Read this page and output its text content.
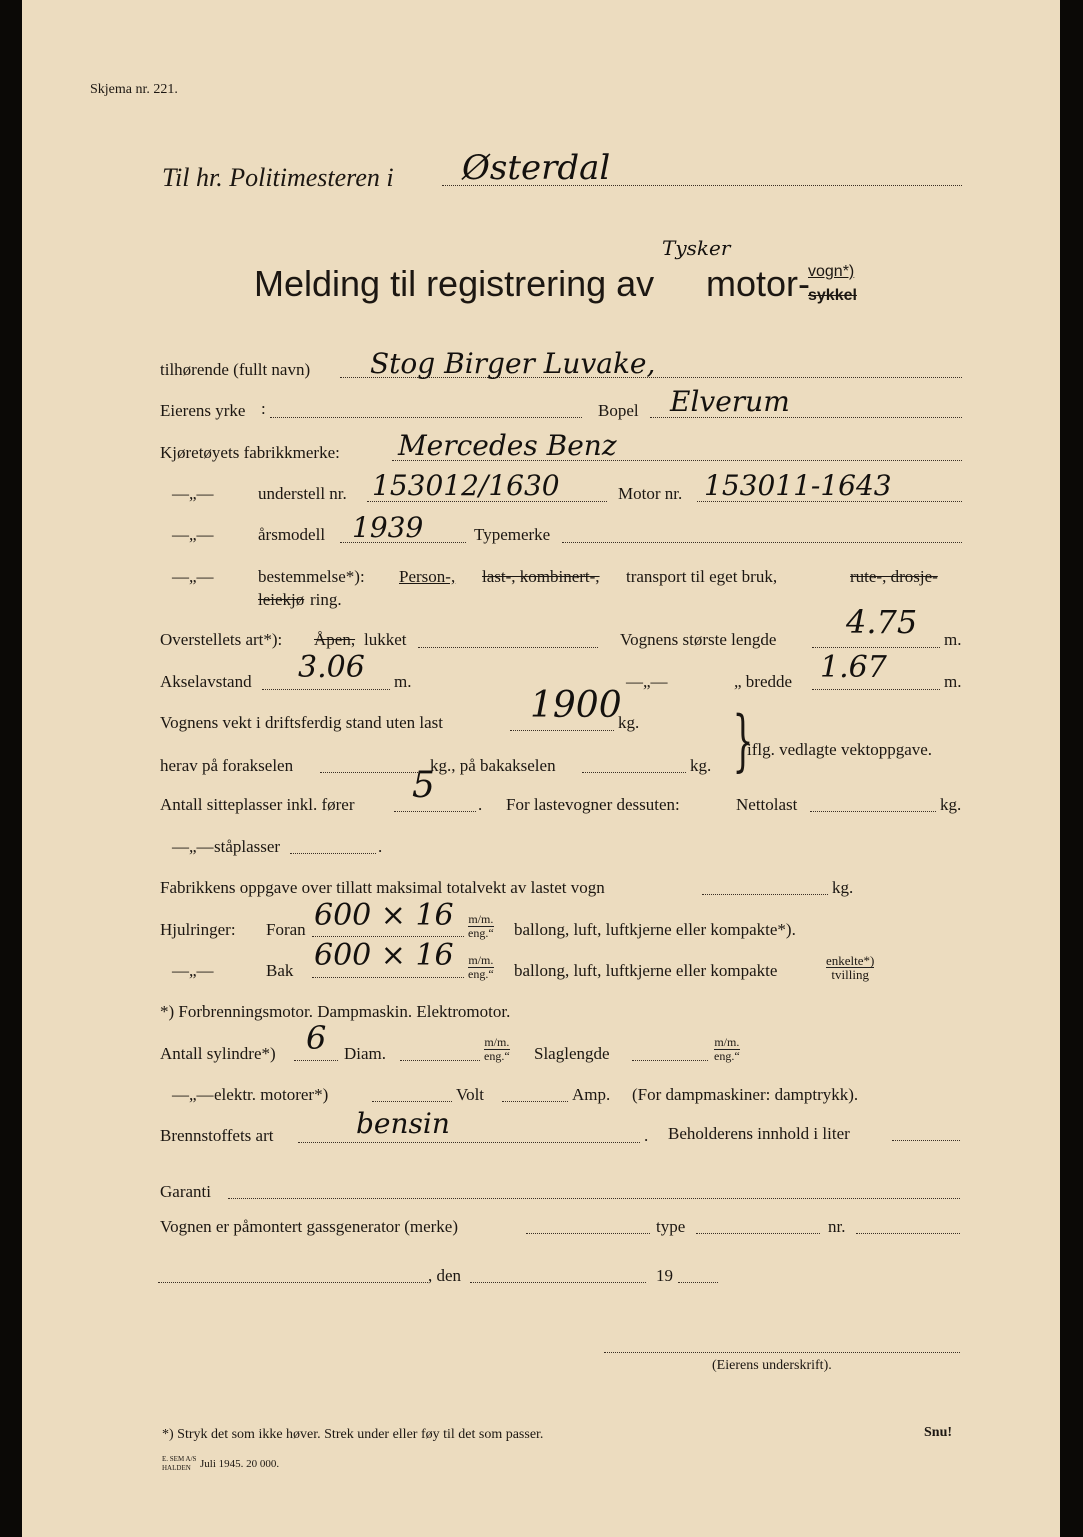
Skjema nr. 221.
Til hr. Politimesteren i Østerdal
Melding til registrering av
Tysker
motor-
vogn*)
sykkel
tilhørende (fullt navn) Stog Birger Luvake,
Eierens yrke :	Bopel Elverum
Kjøretøyets fabrikkmerke: Mercedes Benz
—„—	understell nr. 153012/1630	Motor nr. 153011-1643
—„—	årsmodell 1939	Typemerke
—„—	bestemmelse*): Person-, last-, kombinert-, transport til eget bruk,	rute-, drosje-
leiekjø ring.
Overstellets art*): Åpen, lukket	Vognens største lengde 4.75 m.
Akselavstand 3.06 m.	—„—	„ bredde 1.67	m.
Vognens vekt i driftsferdig stand uten last 1900
kg.
herav på forakselen	kg., på bakakselen	kg. }
iflg. vedlagte vektoppgave.
Antall sitteplasser inkl. fører 5	. For lastevogner dessuten:	Nettolast	kg.
—„— ståplasser	.
Fabrikkens oppgave over tillatt maksimal totalvekt av lastet vogn	kg.
Hjulringer: Foran 600 × 16 m/m.
eng.“ ballong, luft, luftkjerne eller kompakte*).
—„—	Bak 600 × 16 m/m.
eng.“ ballong, luft, luftkjerne eller kompakte
enkelte*)
tvilling
*) Forbrenningsmotor. Dampmaskin. Elektromotor.
Antall sylindre*) 6 Diam.
m/m.
eng.“ Slaglengde
m/m.
eng.“
—„— elektr. motorer*)	Volt	Amp. (For dampmaskiner: damptrykk).
Brennstoffets art	bensin	. Beholderens innhold i liter
Garanti
Vognen er påmontert gassgenerator (merke)	type	nr.
, den	19
(Eierens underskrift).
*) Stryk det som ikke høver. Strek under eller føy til det som passer.	Snu!
E. SEM A/S
HALDEN Juli 1945. 20 000.
